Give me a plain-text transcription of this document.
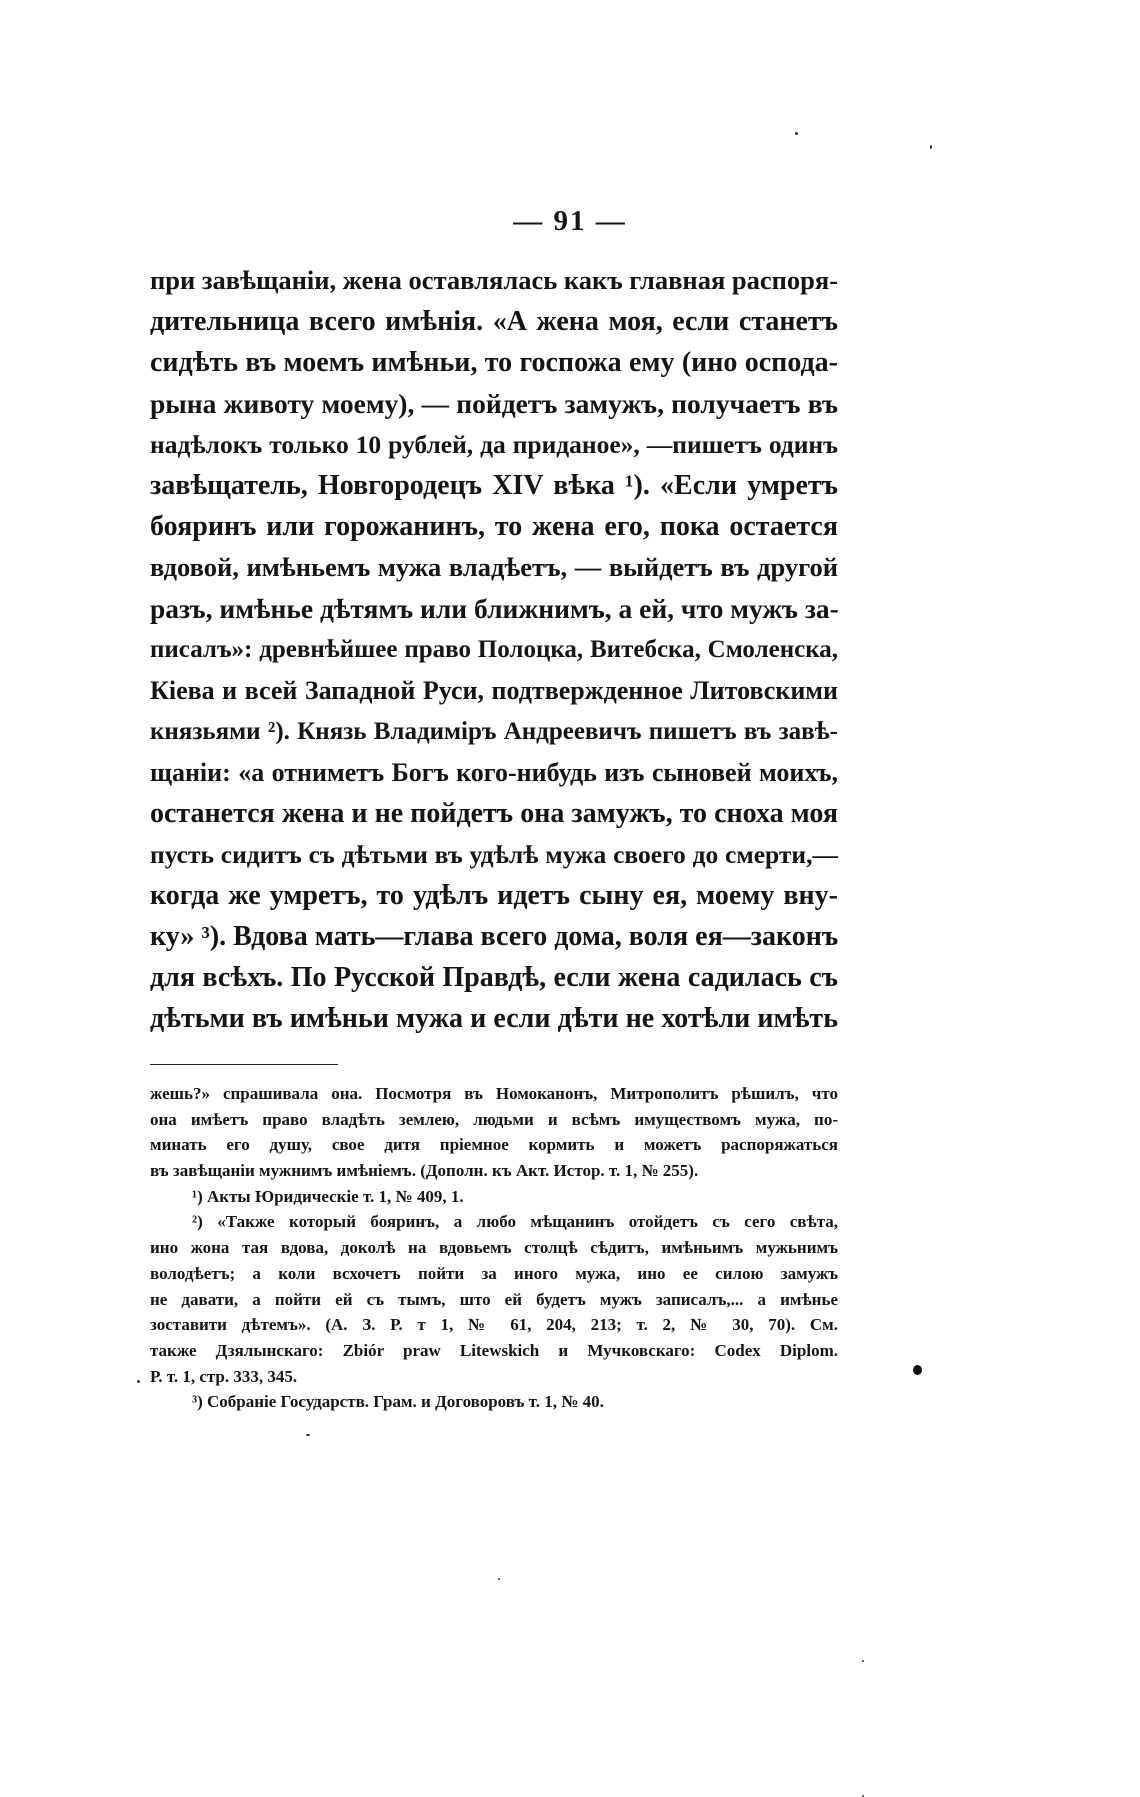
— 91 —
при завѣщаніи, жена оставлялась какъ главная распоря-
дительница всего имѣнія. «А жена моя, если станетъ
сидѣть въ моемъ имѣньи, то госпожа ему (ино осподa-
рына животу моему), — пойдетъ замужъ, получаетъ въ
надѣлокъ только 10 рублей, да приданое», —пишетъ одинъ
завѣщатель, Новгородецъ XIV вѣка ¹). «Если умретъ
бояринъ или горожанинъ, то жена его, пока остается
вдовой, имѣньемъ мужа владѣетъ, — выйдетъ въ другой
разъ, имѣнье дѣтямъ или ближнимъ, а ей, что мужъ за-
писалъ»: древнѣйшее право Полоцка, Витебска, Смоленска,
Кіева и всей Западной Руси, подтвержденное Литовскими
князьями ²). Князь Владиміръ Андреевичъ пишетъ въ завѣ-
щаніи: «а отнимeтъ Богъ кого-нибудь изъ сыновей моихъ,
останется жена и не пойдетъ она замужъ, то сноха моя
пусть сидитъ съ дѣтьми въ удѣлѣ мужа своего до смерти,—
когда же умретъ, то удѣлъ идетъ сыну ея, моему вну-
ку» ³). Вдова мать—глава всего дома, воля ея—законъ
для всѣхъ. По Русской Правдѣ, если жена садилась съ
дѣтьми въ имѣньи мужа и если дѣти не хотѣли имѣть
жешь?» спрашивала она. Посмотря въ Номоканонъ, Митрополитъ рѣшилъ, что
она имѣетъ право владѣть землею, людьми и всѣмъ имуществомъ мужа, по-
минать его душу, свое дитя пріемное кормить и можетъ распоряжаться
въ завѣщаніи мужнимъ имѣніемъ. (Дополн. къ Акт. Истор. т. 1, № 255).
¹) Акты Юридическіе т. 1, № 409, 1.
²) «Также который бояринъ, а любо мѣщанинъ отойдетъ съ сего свѣта,
ино жона тая вдова, доколѣ на вдовьемъ столцѣ сѣдитъ, имѣньимъ мужьнимъ
володѣетъ; а коли всхочетъ пойти за иного мужа, ино ее силою замужъ
не давати, а пойти ей съ тымъ, што ей будетъ мужъ записалъ,... а имѣнье
зоставити дѣтемъ». (А. З. Р. т 1, № 61, 204, 213; т. 2, № 30, 70). См.
также Дзялынскаго: Zbiór praw Litewskich и Мучковскаго: Codex Diplom.
Р. т. 1, стр. 333, 345.
³) Собраніе Государств. Грам. и Договоровъ т. 1, № 40.
